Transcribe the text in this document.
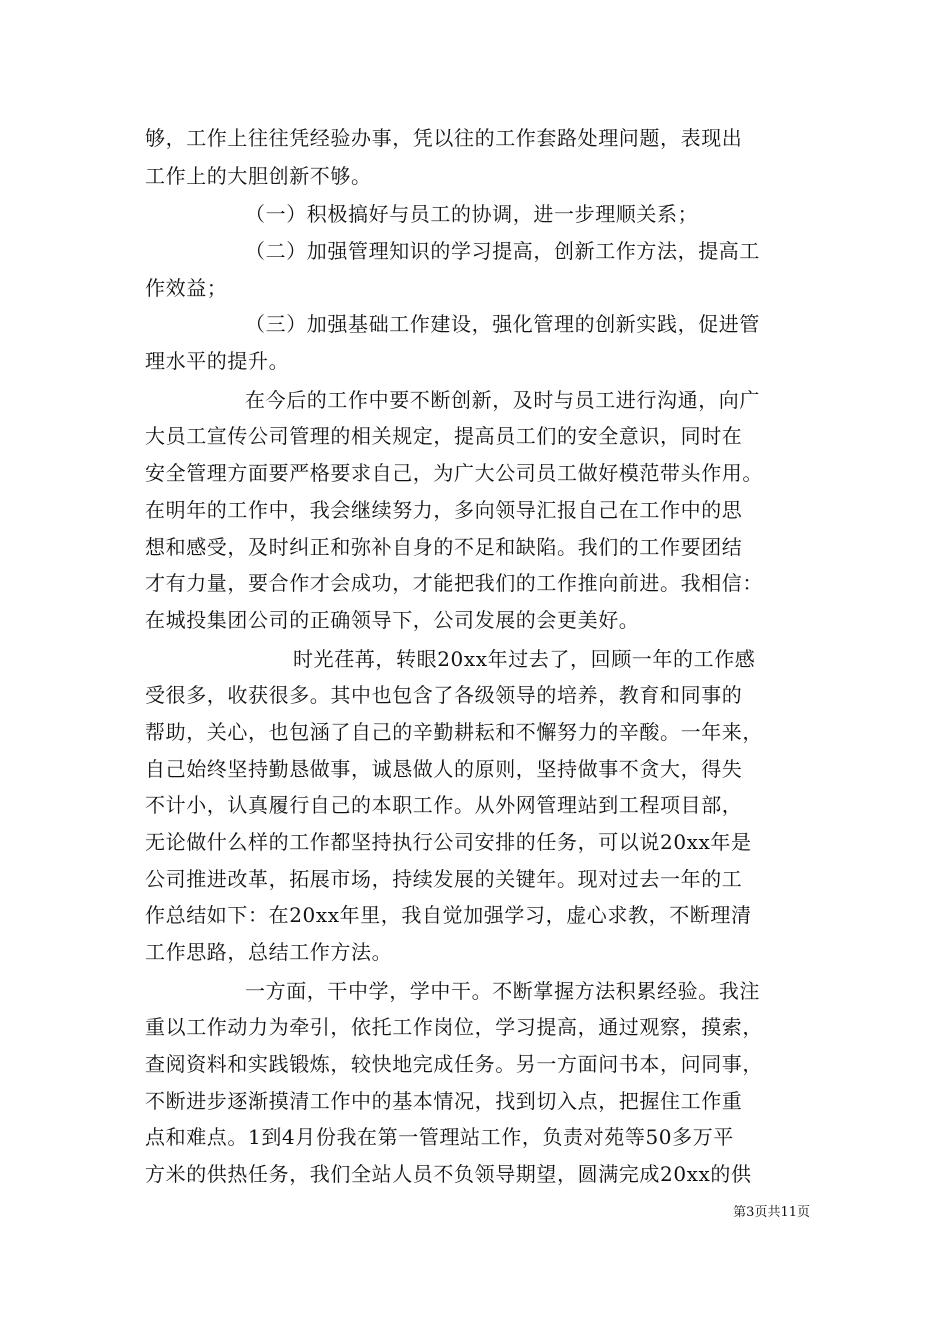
够，工作上往往凭经验办事，凭以往的工作套路处理问题，表现出
工作上的大胆创新不够。
（一）积极搞好与员工的协调，进一步理顺关系；
（二）加强管理知识的学习提高，创新工作方法，提高工
作效益；
（三）加强基础工作建设，强化管理的创新实践，促进管
理水平的提升。
在今后的工作中要不断创新，及时与员工进行沟通，向广
大员工宣传公司管理的相关规定，提高员工们的安全意识，同时在
安全管理方面要严格要求自己，为广大公司员工做好模范带头作用。
在明年的工作中，我会继续努力，多向领导汇报自己在工作中的思
想和感受，及时纠正和弥补自身的不足和缺陷。我们的工作要团结
才有力量，要合作才会成功，才能把我们的工作推向前进。我相信：
在城投集团公司的正确领导下，公司发展的会更美好。
时光荏苒，转眼20xx年过去了，回顾一年的工作感
受很多，收获很多。其中也包含了各级领导的培养，教育和同事的
帮助，关心，也包涵了自己的辛勤耕耘和不懈努力的辛酸。一年来，
自己始终坚持勤恳做事，诚恳做人的原则，坚持做事不贪大，得失
不计小，认真履行自己的本职工作。从外网管理站到工程项目部，
无论做什么样的工作都坚持执行公司安排的任务，可以说20xx年是
公司推进改革，拓展市场，持续发展的关键年。现对过去一年的工
作总结如下：在20xx年里，我自觉加强学习，虚心求教，不断理清
工作思路，总结工作方法。
一方面，干中学，学中干。不断掌握方法积累经验。我注
重以工作动力为牵引，依托工作岗位，学习提高，通过观察，摸索，
查阅资料和实践锻炼，较快地完成任务。另一方面问书本，问同事，
不断进步逐渐摸清工作中的基本情况，找到切入点，把握住工作重
点和难点。1到4月份我在第一管理站工作，负责对苑等50多万平
方米的供热任务，我们全站人员不负领导期望，圆满完成20xx的供
第3页共11页
